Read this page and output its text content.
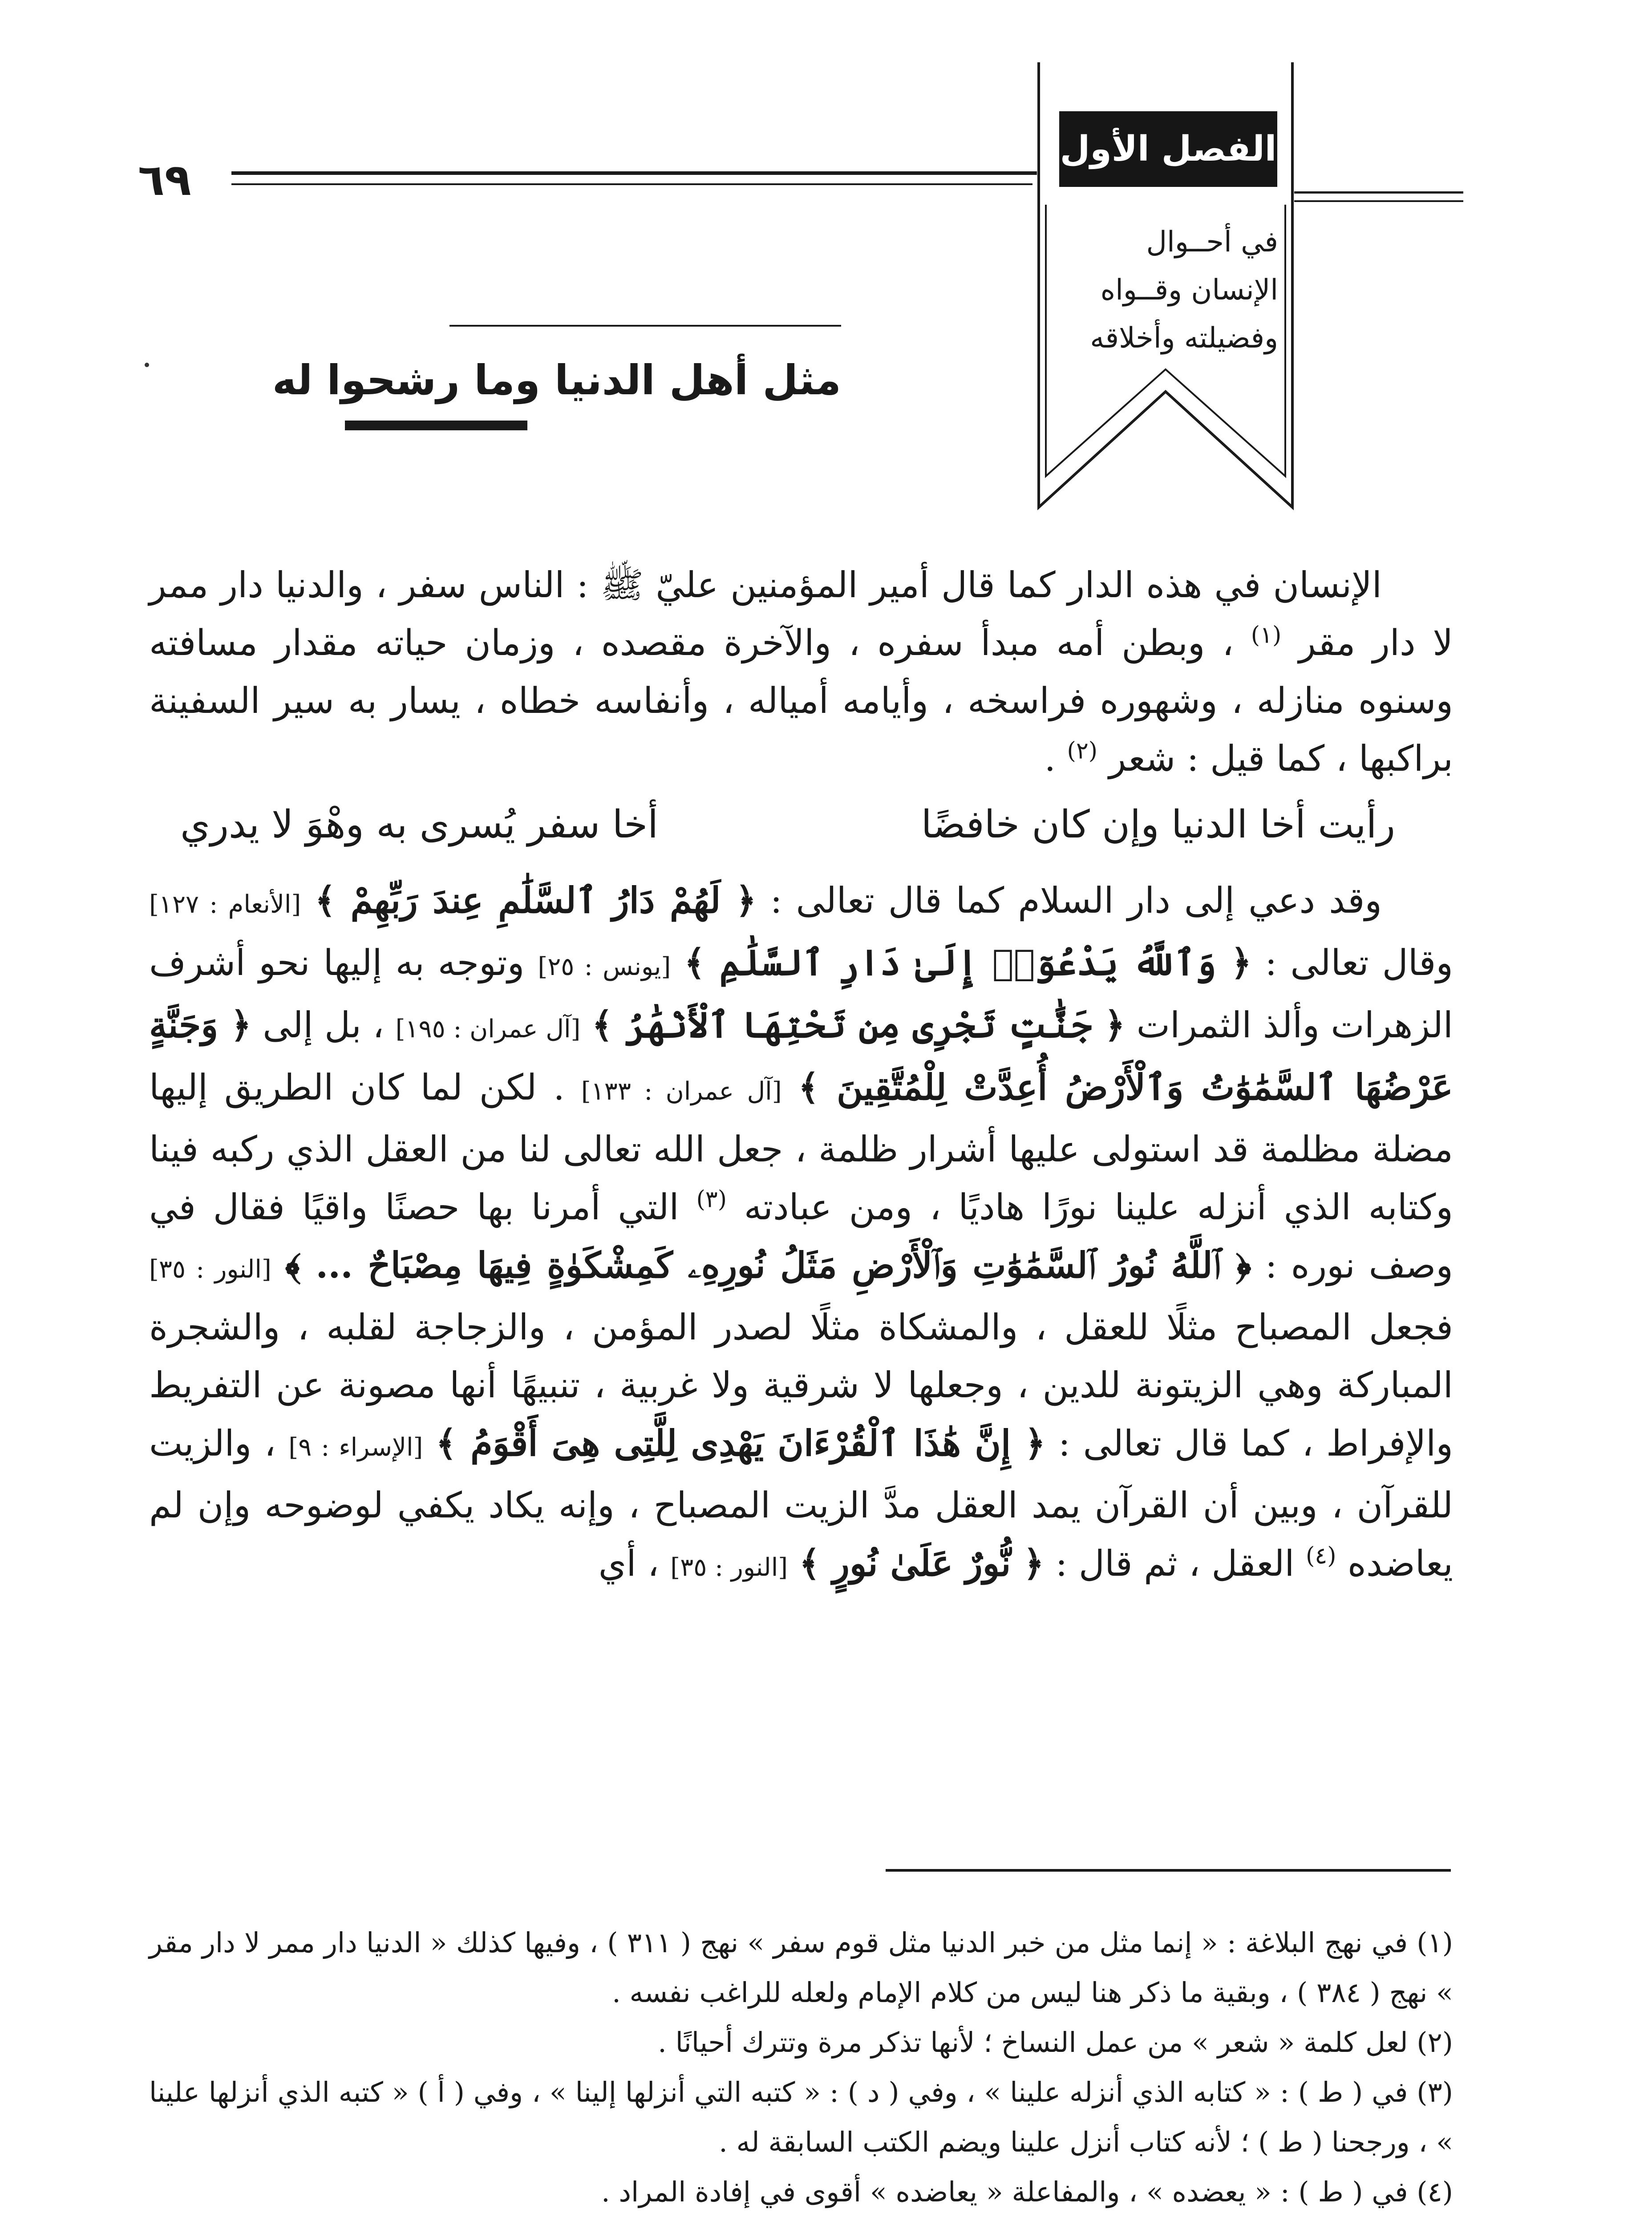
٦٩
الفصل الأول
في أحــوال
الإنسان وقــواه
وفضيلته وأخلاقه
مثل أهل الدنيا وما رشحوا له

الإنسان في هذه الدار كما قال أمير المؤمنين عليّ ﷺ : الناس سفر ، والدنيا دار ممر لا دار مقر $^{(١)}$ ، وبطن أمه مبدأ سفره ، والآخرة مقصده ، وزمان حياته مقدار مسافته وسنوه منازله ، وشهوره فراسخه ، وأيامه أمياله ، وأنفاسه خطاه ، يسار به سير السفينة براكبها ، كما قيل : شعر $^{(٢)}$ .

رأيت أخا الدنيا وإن كان خافضًا
أخا سفر يُسرى به وهْوَ لا يدري

وقد دعي إلى دار السلام كما قال تعالى : ﴿ لَهُمْ دَارُ ٱلسَّلَٰمِ عِندَ رَبِّهِمْ ﴾ [الأنعام : ١٢٧] وقال تعالى : ﴿ وَٱللَّهُ يَدْعُوٓا۟ إِلَىٰ دَارِ ٱلسَّلَٰمِ ﴾ [يونس : ٢٥] وتوجه به إليها نحو أشرف الزهرات وألذ الثمرات ﴿ جَنَّٰتٍ تَجْرِى مِن تَحْتِهَا ٱلْأَنْهَٰرُ ﴾ [آل عمران : ١٩٥] ، بل إلى ﴿ وَجَنَّةٍ عَرْضُهَا ٱلسَّمَٰوَٰتُ وَٱلْأَرْضُ أُعِدَّتْ لِلْمُتَّقِينَ ﴾ [آل عمران : ١٣٣] . لكن لما كان الطريق إليها مضلة مظلمة قد استولى عليها أشرار ظلمة ، جعل الله تعالى لنا من العقل الذي ركبه فينا وكتابه الذي أنزله علينا نورًا هاديًا ، ومن عبادته $^{(٣)}$ التي أمرنا بها حصنًا واقيًا فقال في وصف نوره : ﴿ ٱللَّهُ نُورُ ٱلسَّمَٰوَٰتِ وَٱلْأَرْضِ مَثَلُ نُورِهِۦ كَمِشْكَوٰةٍ فِيهَا مِصْبَاحٌ ... ﴾ [النور : ٣٥] فجعل المصباح مثلًا للعقل ، والمشكاة مثلًا لصدر المؤمن ، والزجاجة لقلبه ، والشجرة المباركة وهي الزيتونة للدين ، وجعلها لا شرقية ولا غربية ، تنبيهًا أنها مصونة عن التفريط والإفراط ، كما قال تعالى : ﴿ إِنَّ هَٰذَا ٱلْقُرْءَانَ يَهْدِى لِلَّتِى هِىَ أَقْوَمُ ﴾ [الإسراء : ٩] ، والزيت للقرآن ، وبين أن القرآن يمد العقل مدَّ الزيت المصباح ، وإنه يكاد يكفي لوضوحه وإن لم يعاضده $^{(٤)}$ العقل ، ثم قال : ﴿ نُّورٌ عَلَىٰ نُورٍ ﴾ [النور : ٣٥] ، أي

(١) في نهج البلاغة : « إنما مثل من خبر الدنيا مثل قوم سفر » نهج ( ٣١١ ) ، وفيها كذلك « الدنيا دار ممر لا دار مقر » نهج ( ٣٨٤ ) ، وبقية ما ذكر هنا ليس من كلام الإمام ولعله للراغب نفسه .
(٢) لعل كلمة « شعر » من عمل النساخ ؛ لأنها تذكر مرة وتترك أحيانًا .
(٣) في ( ط ) : « كتابه الذي أنزله علينا » ، وفي ( د ) : « كتبه التي أنزلها إلينا » ، وفي ( أ ) « كتبه الذي أنزلها علينا » ، ورجحنا ( ط ) ؛ لأنه كتاب أنزل علينا ويضم الكتب السابقة له .
(٤) في ( ط ) : « يعضده » ، والمفاعلة « يعاضده » أقوى في إفادة المراد .
